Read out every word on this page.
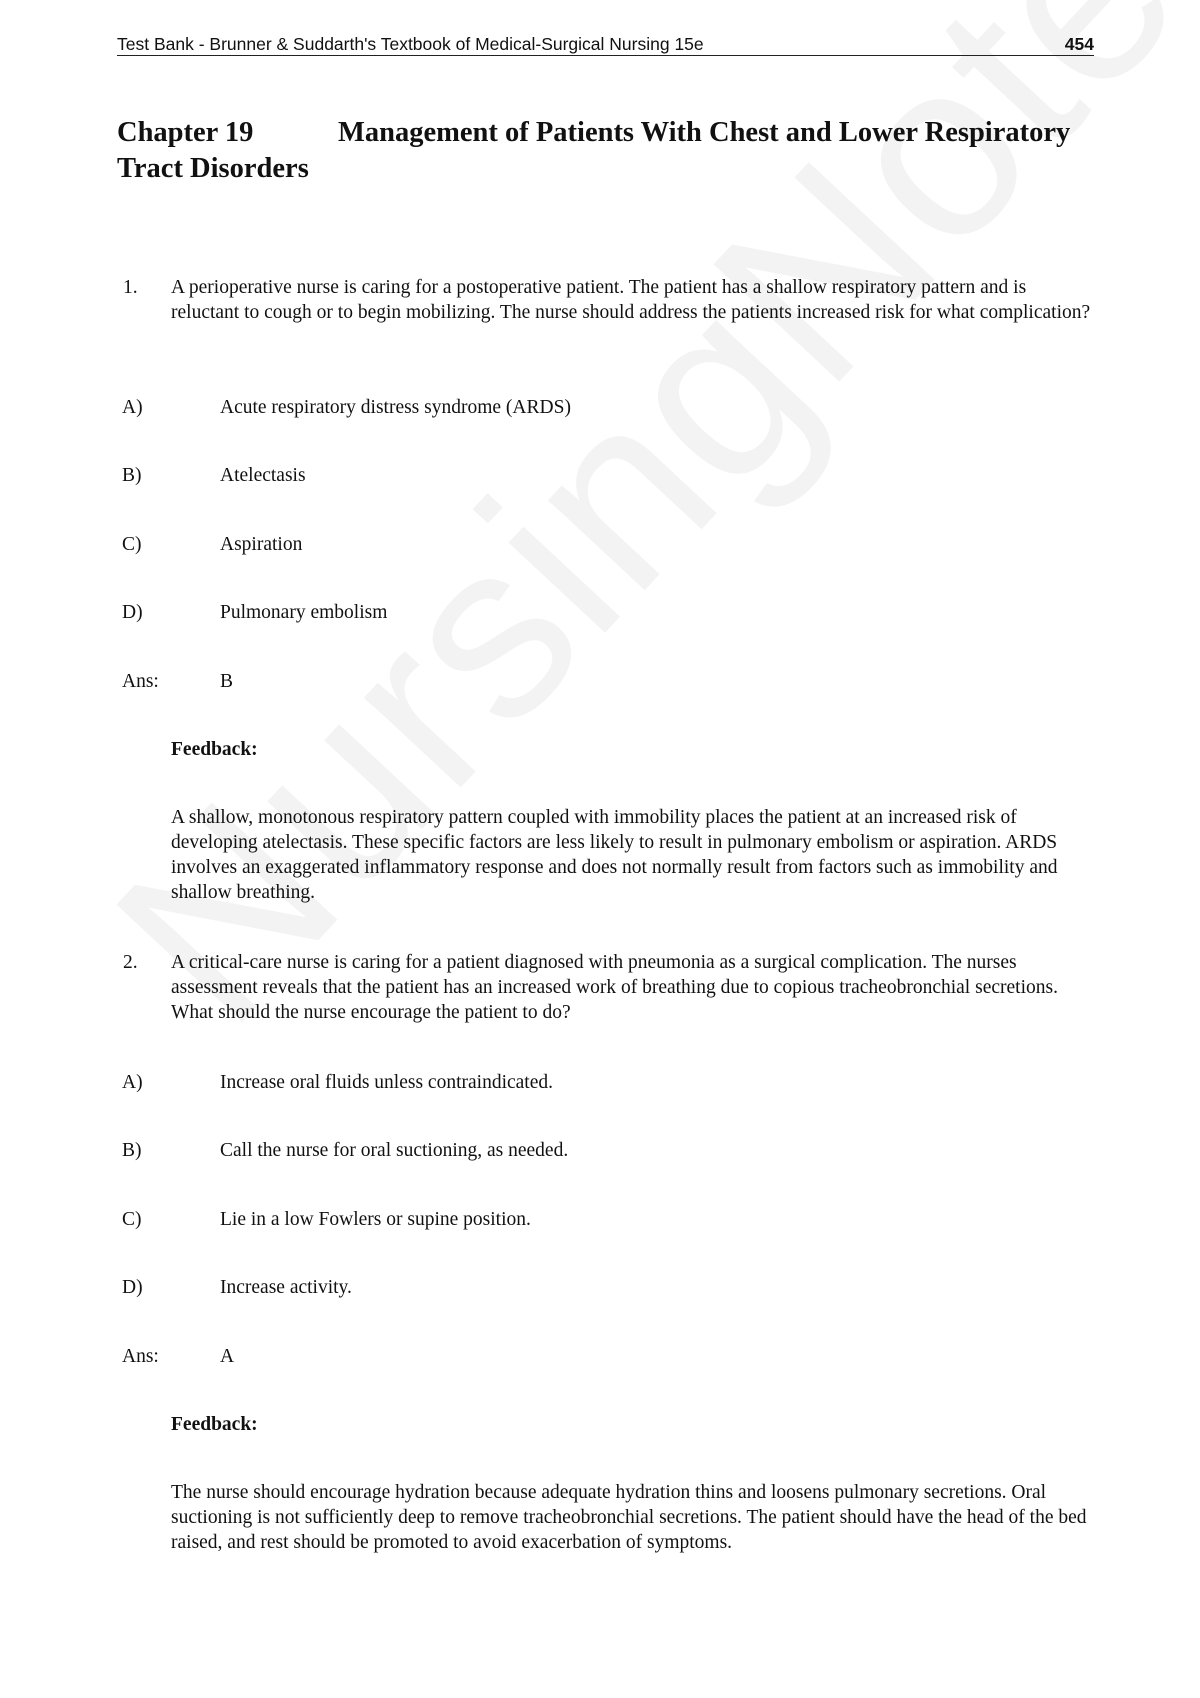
Test Bank - Brunner & Suddarth's Textbook of Medical-Surgical Nursing 15e	454
Chapter 19	Management of Patients With Chest and Lower Respiratory Tract Disorders
1. A perioperative nurse is caring for a postoperative patient. The patient has a shallow respiratory pattern and is reluctant to cough or to begin mobilizing. The nurse should address the patients increased risk for what complication?
A)	Acute respiratory distress syndrome (ARDS)
B)	Atelectasis
C)	Aspiration
D)	Pulmonary embolism
Ans:	B
Feedback:
A shallow, monotonous respiratory pattern coupled with immobility places the patient at an increased risk of developing atelectasis. These specific factors are less likely to result in pulmonary embolism or aspiration. ARDS involves an exaggerated inflammatory response and does not normally result from factors such as immobility and shallow breathing.
2. A critical-care nurse is caring for a patient diagnosed with pneumonia as a surgical complication. The nurses assessment reveals that the patient has an increased work of breathing due to copious tracheobronchial secretions. What should the nurse encourage the patient to do?
A)	Increase oral fluids unless contraindicated.
B)	Call the nurse for oral suctioning, as needed.
C)	Lie in a low Fowlers or supine position.
D)	Increase activity.
Ans:	A
Feedback:
The nurse should encourage hydration because adequate hydration thins and loosens pulmonary secretions. Oral suctioning is not sufficiently deep to remove tracheobronchial secretions. The patient should have the head of the bed raised, and rest should be promoted to avoid exacerbation of symptoms.
